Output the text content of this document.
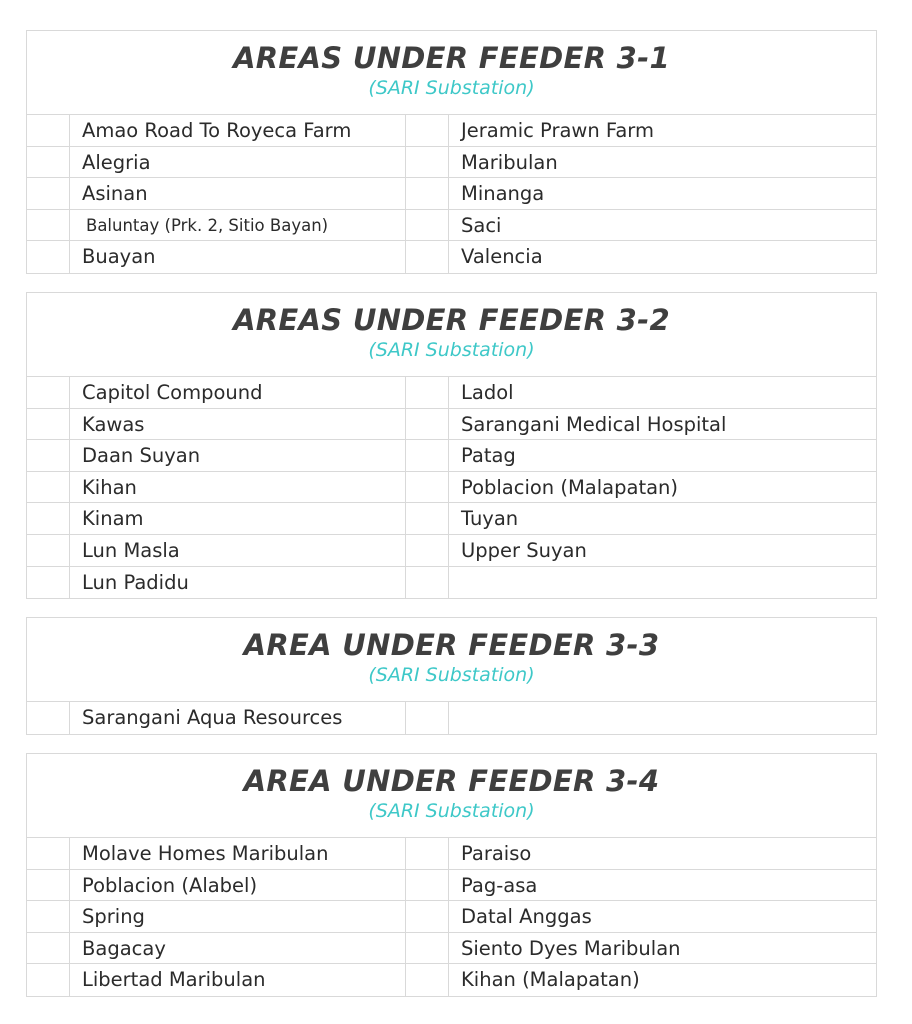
AREAS UNDER FEEDER 3-1
(SARI Substation)
Amao Road To Royeca Farm	Jeramic Prawn Farm
Alegria	Maribulan
Asinan	Minanga
Baluntay (Prk. 2, Sitio Bayan)	Saci
Buayan	Valencia
AREAS UNDER FEEDER 3-2
(SARI Substation)
Capitol Compound	Ladol
Kawas	Sarangani Medical Hospital
Daan Suyan	Patag
Kihan	Poblacion (Malapatan)
Kinam	Tuyan
Lun Masla	Upper Suyan
Lun Padidu
AREA UNDER FEEDER 3-3
(SARI Substation)
Sarangani Aqua Resources
AREA UNDER FEEDER 3-4
(SARI Substation)
Molave Homes Maribulan	Paraiso
Poblacion (Alabel)	Pag-asa
Spring	Datal Anggas
Bagacay	Siento Dyes Maribulan
Libertad Maribulan	Kihan (Malapatan)
